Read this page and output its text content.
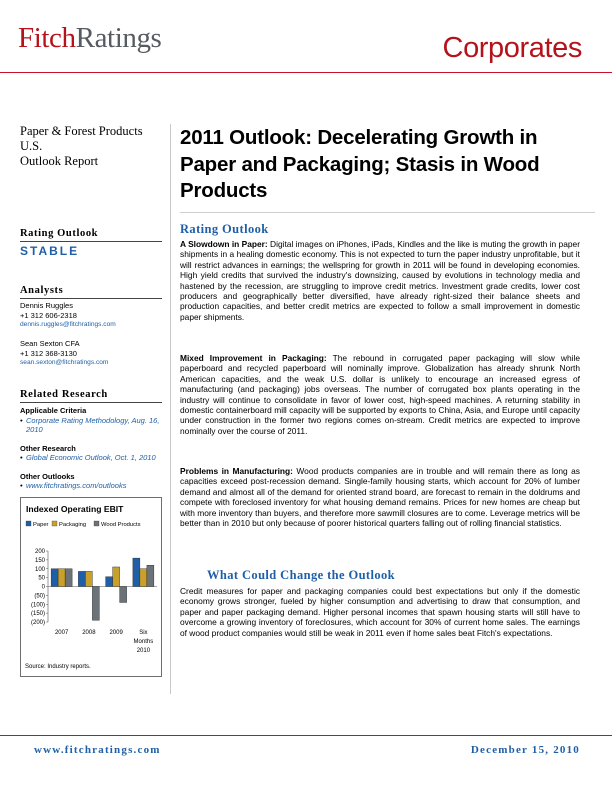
FitchRatings	Corporates
Paper & Forest Products
U.S.
Outlook Report
2011 Outlook: Decelerating Growth in Paper and Packaging; Stasis in Wood Products
Rating Outlook
STABLE
Analysts
Dennis Ruggles
+1 312 606-2318
dennis.ruggles@fitchratings.com
Sean Sexton CFA
+1 312 368-3130
sean.sexton@fitchratings.com
Related Research
Applicable Criteria
• Corporate Rating Methodology, Aug. 16, 2010
Other Research
• Global Economic Outlook, Oct. 1, 2010
Other Outlooks
• www.fitchratings.com/outlooks
Indexed Operating EBIT
Paper Packaging	Wood Products
200
150
100
50
0
(50)
(100)
(150)
(200)
2007 2008 2009	Six
Months
2010
Source: Industry reports.
Rating Outlook
A Slowdown in Paper: Digital images on iPhones, iPads, Kindles and the like is muting the growth in paper shipments in a healing domestic economy. This is not expected to turn the paper industry unprofitable, but it will restrict advances in earnings; the wellspring for growth in 2011 will be found in developing economies. High yield credits that survived the industry's downsizing, caused by evolutions in technology media and hastened by the recession, are struggling to improve credit metrics. Investment grade credits, lower cost producers and geographically better diversified, have already right-sized their balance sheets and production capacities, and better credit metrics are expected to follow a small improvement in domestic paper shipments.
Mixed Improvement in Packaging: The rebound in corrugated paper packaging will slow while paperboard and recycled paperboard will nominally improve. Globalization has already shrunk North American capacities, and the weak U.S. dollar is unlikely to encourage an increased egress of manufacturing (and packaging) jobs overseas. The number of corrugated box plants operating in the industry will continue to consolidate in favor of lower cost, high-speed machines. A returning stability in domestic containerboard mill capacity will be supported by exports to China, Asia, and Europe until capacity under construction in the former two regions comes on-stream. Credit metrics are expected to improve nominally over the course of 2011.
Problems in Manufacturing: Wood products companies are in trouble and will remain there as long as capacities exceed post-recession demand. Single-family housing starts, which account for 20% of lumber demand and almost all of the demand for oriented strand board, are forecast to remain in the doldrums and compete with foreclosed inventory for what housing demand remains. Prices for new homes are cheap but with more inventory than buyers, and therefore more sawmill closures are to come. Leverage metrics will be better than in 2010 but only because of poorer historical quarters falling out of rolling financial statistics.
What Could Change the Outlook
Credit measures for paper and packaging companies could best expectations but only if the domestic economy grows stronger, fueled by higher consumption and advertising to draw that consumption, and paper and paper packaging demand. Higher personal incomes that spawn housing starts will still have to overcome a growing inventory of foreclosures, which account for 30% of current home sales. The earnings of wood product companies would still be weak in 2011 even if home sales beat Fitch's expectations.
www.fitchratings.com	December 15, 2010
